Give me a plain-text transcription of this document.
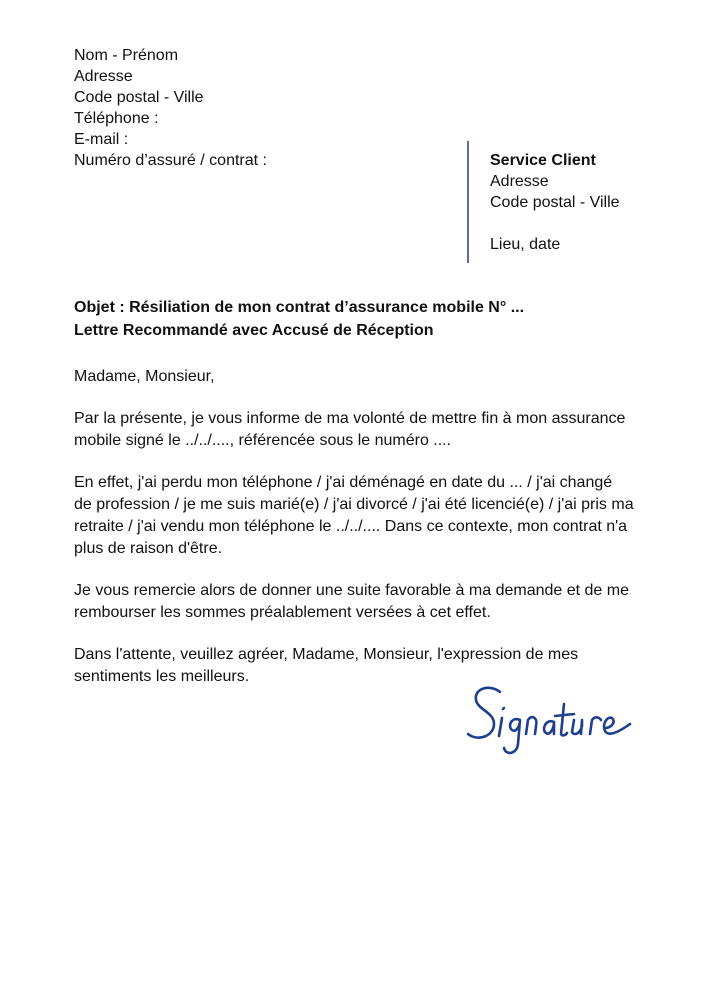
Nom - Prénom
Adresse
Code postal - Ville
Téléphone :
E-mail :
Numéro d’assuré / contrat :	Service Client
Adresse
Code postal - Ville
Lieu, date
Objet : Résiliation de mon contrat d’assurance mobile N° ...
Lettre Recommandé avec Accusé de Réception

Madame, Monsieur,

Par la présente, je vous informe de ma volonté de mettre fin à mon assurance mobile signé le ../../...., référencée sous le numéro ....

En effet, j'ai perdu mon téléphone / j'ai déménagé en date du ... / j'ai changé de profession / je me suis marié(e) / j'ai divorcé / j'ai été licencié(e) / j'ai pris ma retraite / j'ai vendu mon téléphone le ../../.... Dans ce contexte, mon contrat n'a plus de raison d'être.

Je vous remercie alors de donner une suite favorable à ma demande et de me rembourser les sommes préalablement versées à cet effet.

Dans l'attente, veuillez agréer, Madame, Monsieur, l'expression de mes sentiments les meilleurs.
